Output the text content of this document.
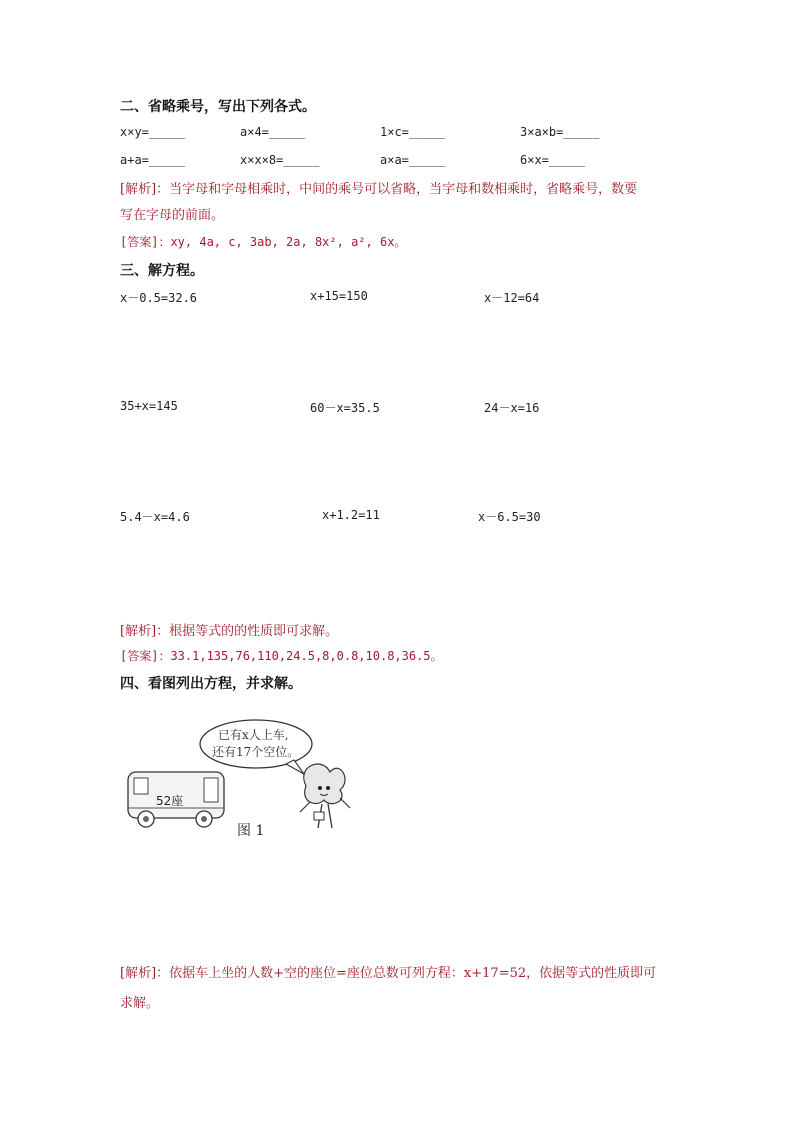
二、省略乘号，写出下列各式。
x×y=_____	a×4=_____	1×c=_____	3×a×b=_____
a+a=_____	x×x×8=_____	a×a=_____	6×x=_____
[解析]：当字母和字母相乘时，中间的乘号可以省略，当字母和数相乘时，省略乘号，数要
写在字母的前面。
[答案]：xy, 4a, c, 3ab, 2a, 8x², a², 6x。
三、解方程。
x－0.5=32.6	x+15=150	x－12=64
35+x=145	60－x=35.5	24－x=16
5.4－x=4.6	x+1.2=11	x－6.5=30
[解析]：根据等式的的性质即可求解。
[答案]：33.1,135,76,110,24.5,8,0.8,10.8,36.5。
四、看图列出方程，并求解。
已有x人上车,
还有17个空位。
52座
图 1
[解析]：依据车上坐的人数+空的座位=座位总数可列方程：x+17=52，依据等式的性质即可
求解。
